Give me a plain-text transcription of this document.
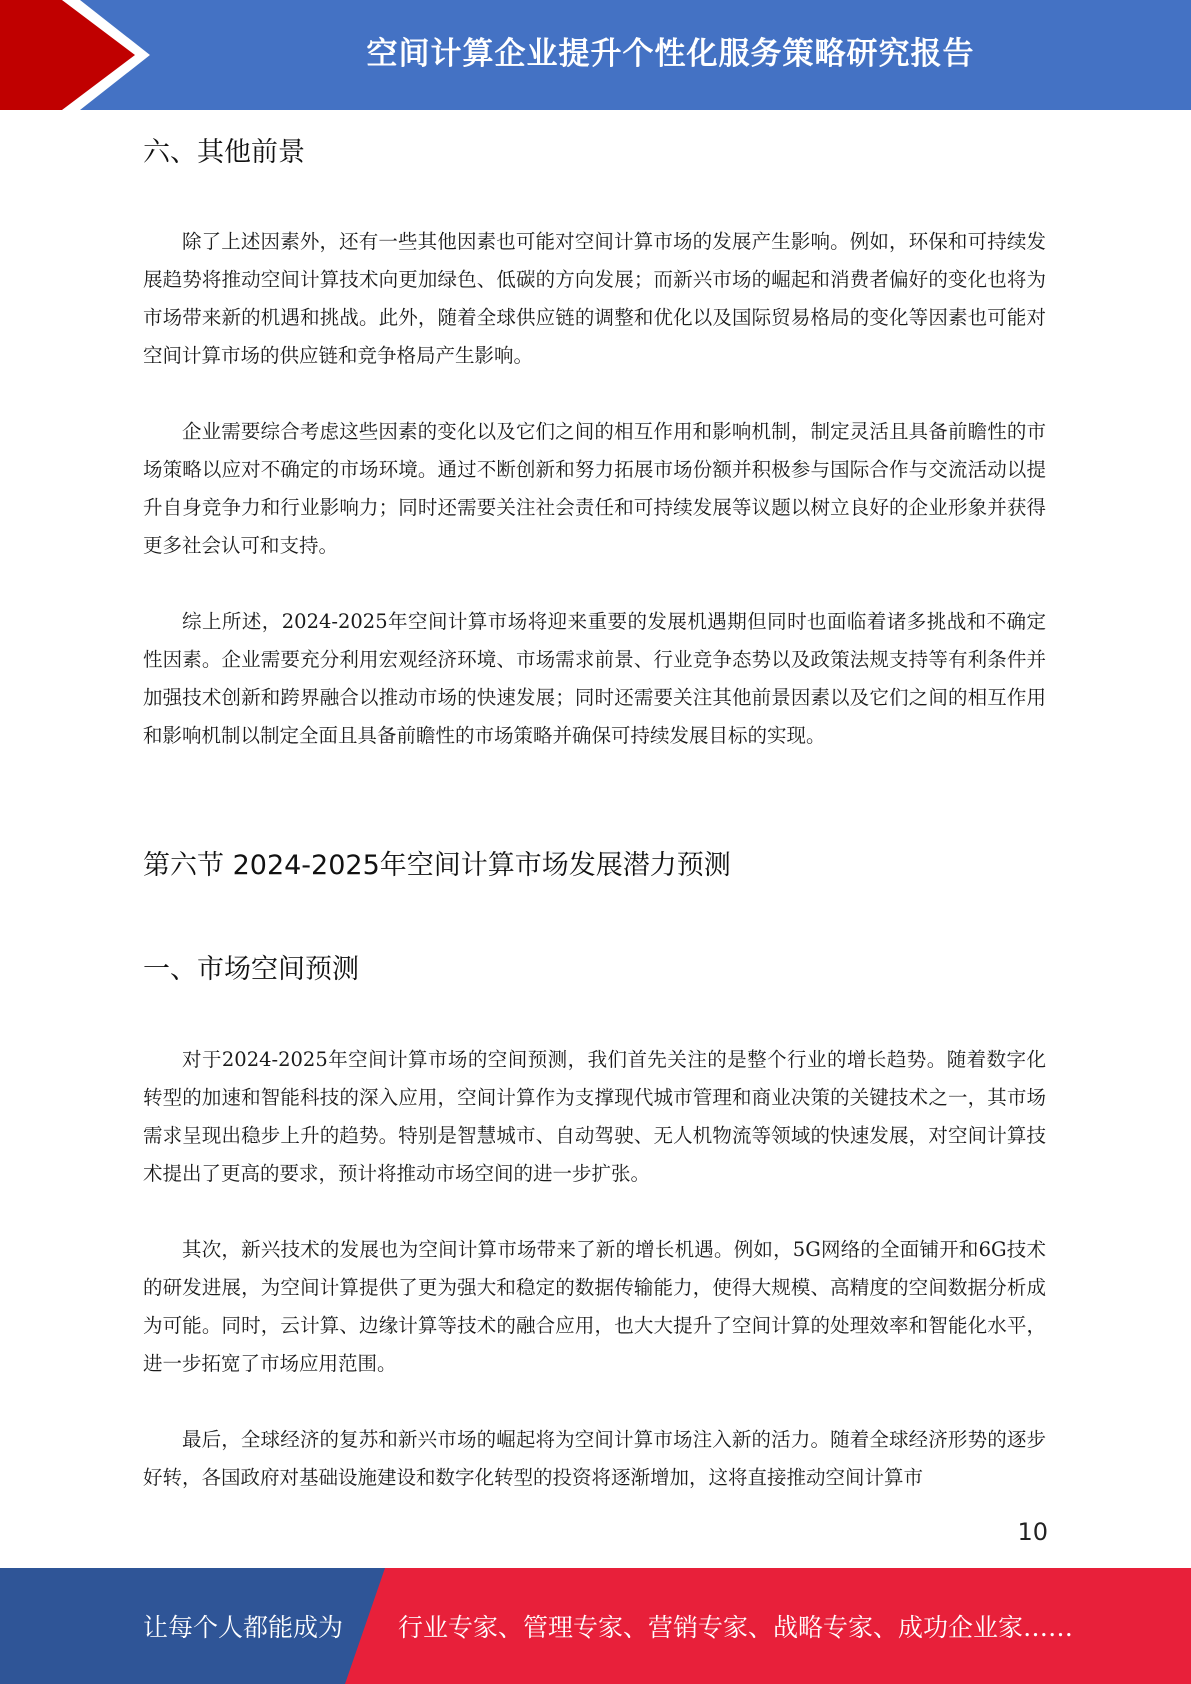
空间计算企业提升个性化服务策略研究报告
六、其他前景

除了上述因素外，还有一些其他因素也可能对空间计算市场的发展产生影响。例如，环保和可持续发展趋势将推动空间计算技术向更加绿色、低碳的方向发展；而新兴市场的崛起和消费者偏好的变化也将为市场带来新的机遇和挑战。此外，随着全球供应链的调整和优化以及国际贸易格局的变化等因素也可能对空间计算市场的供应链和竞争格局产生影响。

企业需要综合考虑这些因素的变化以及它们之间的相互作用和影响机制，制定灵活且具备前瞻性的市场策略以应对不确定的市场环境。通过不断创新和努力拓展市场份额并积极参与国际合作与交流活动以提升自身竞争力和行业影响力；同时还需要关注社会责任和可持续发展等议题以树立良好的企业形象并获得更多社会认可和支持。

综上所述，2024-2025年空间计算市场将迎来重要的发展机遇期但同时也面临着诸多挑战和不确定性因素。企业需要充分利用宏观经济环境、市场需求前景、行业竞争态势以及政策法规支持等有利条件并加强技术创新和跨界融合以推动市场的快速发展；同时还需要关注其他前景因素以及它们之间的相互作用和影响机制以制定全面且具备前瞻性的市场策略并确保可持续发展目标的实现。

第六节 2024-2025年空间计算市场发展潜力预测
一、市场空间预测

对于2024-2025年空间计算市场的空间预测，我们首先关注的是整个行业的增长趋势。随着数字化转型的加速和智能科技的深入应用，空间计算作为支撑现代城市管理和商业决策的关键技术之一，其市场需求呈现出稳步上升的趋势。特别是智慧城市、自动驾驶、无人机物流等领域的快速发展，对空间计算技术提出了更高的要求，预计将推动市场空间的进一步扩张。

其次，新兴技术的发展也为空间计算市场带来了新的增长机遇。例如，5G网络的全面铺开和6G技术的研发进展，为空间计算提供了更为强大和稳定的数据传输能力，使得大规模、高精度的空间数据分析成为可能。同时，云计算、边缘计算等技术的融合应用，也大大提升了空间计算的处理效率和智能化水平，进一步拓宽了市场应用范围。

最后，全球经济的复苏和新兴市场的崛起将为空间计算市场注入新的活力。随着全球经济形势的逐步好转，各国政府对基础设施建设和数字化转型的投资将逐渐增加，这将直接推动空间计算市

10
让每个人都能成为 行业专家、管理专家、营销专家、战略专家、成功企业家……
